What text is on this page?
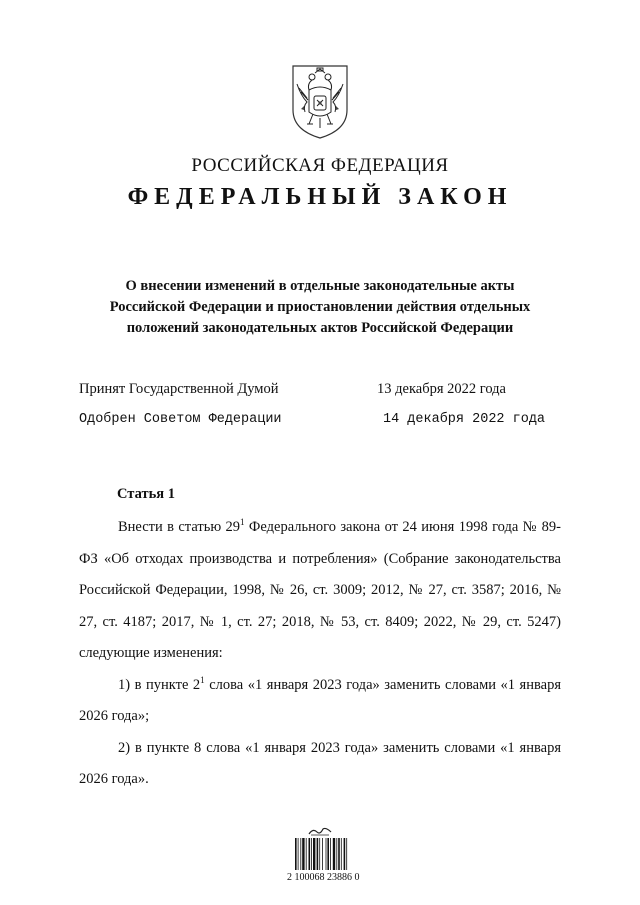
РОССИЙСКАЯ ФЕДЕРАЦИЯ
ФЕДЕРАЛЬНЫЙ ЗАКОН
О внесении изменений в отдельные законодательные акты
Российской Федерации и приостановлении действия отдельных
положений законодательных актов Российской Федерации
Принят Государственной Думой	13 декабря 2022 года
Одобрен Советом Федерации	14 декабря 2022 года
Статья 1

Внести в статью $29^1$ Федерального закона от 24 июня 1998 года № 89-ФЗ «Об отходах производства и потребления» (Собрание законодательства Российской Федерации, 1998, № 26, ст. 3009; 2012, № 27, ст. 3587; 2016, № 27, ст. 4187; 2017, № 1, ст. 27; 2018, № 53, ст. 8409; 2022, № 29, ст. 5247) следующие изменения:

1) в пункте $2^1$ слова «1 января 2023 года» заменить словами «1 января 2026 года»;

2) в пункте 8 слова «1 января 2023 года» заменить словами «1 января 2026 года».

2 100068 23886 0
